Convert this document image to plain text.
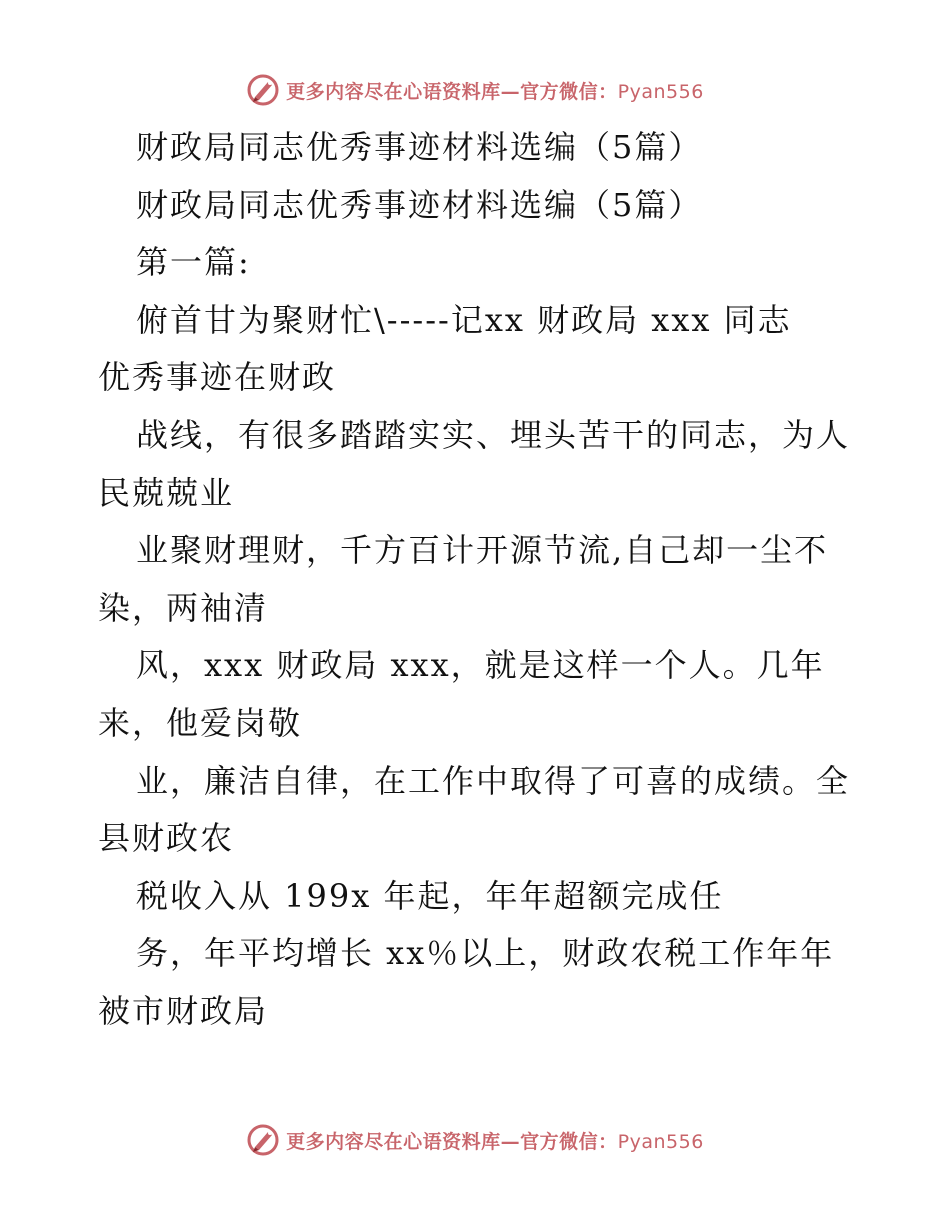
更多内容尽在心语资料库—官方微信：Pyan556
财政局同志优秀事迹材料选编（5篇）
财政局同志优秀事迹材料选编（5篇）
第一篇:
俯首甘为聚财忙\-----记xx 财政局 xxx 同志
优秀事迹在财政
战线，有很多踏踏实实、埋头苦干的同志，为人
民兢兢业
业聚财理财，千方百计开源节流,自己却一尘不
染，两袖清
风，xxx 财政局 xxx，就是这样一个人。几年
来，他爱岗敬
业，廉洁自律，在工作中取得了可喜的成绩。全
县财政农
税收入从 199x 年起，年年超额完成任
务，年平均增长 xx％以上，财政农税工作年年
被市财政局
更多内容尽在心语资料库—官方微信：Pyan556
